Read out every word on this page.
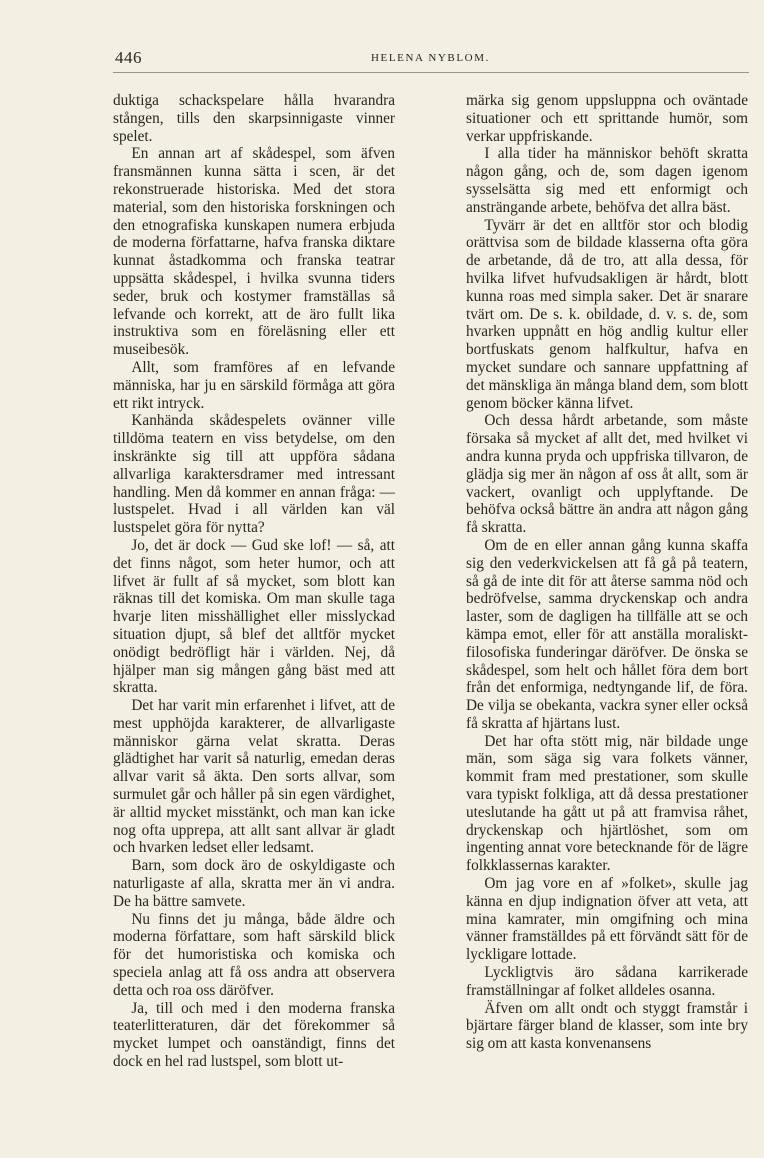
446	HELENA NYBLOM.

duktiga schackspelare hålla hvarandra stången, tills den skarpsinnigaste vinner spelet.

En annan art af skådespel, som äfven fransmännen kunna sätta i scen, är det rekonstruerade historiska. Med det stora material, som den historiska forskningen och den etnografiska kunskapen numera erbjuda de moderna författarne, hafva franska diktare kunnat åstadkomma och franska teatrar uppsätta skådespel, i hvilka svunna tiders seder, bruk och kostymer framställas så lefvande och korrekt, att de äro fullt lika instruktiva som en föreläsning eller ett museibesök.

Allt, som framföres af en lefvande människa, har ju en särskild förmåga att göra ett rikt intryck.

Kanhända skådespelets ovänner ville tilldöma teatern en viss betydelse, om den inskränkte sig till att uppföra sådana allvarliga karaktersdramer med intressant handling. Men då kommer en annan fråga: — lustspelet. Hvad i all världen kan väl lustspelet göra för nytta?

Jo, det är dock — Gud ske lof! — så, att det finns något, som heter humor, och att lifvet är fullt af så mycket, som blott kan räknas till det komiska. Om man skulle taga hvarje liten misshällighet eller misslyckad situation djupt, så blef det alltför mycket onödigt bedröfligt här i världen. Nej, då hjälper man sig mången gång bäst med att skratta.

Det har varit min erfarenhet i lifvet, att de mest upphöjda karakterer, de allvarligaste människor gärna velat skratta. Deras glädtighet har varit så naturlig, emedan deras allvar varit så äkta. Den sorts allvar, som surmulet går och håller på sin egen värdighet, är alltid mycket misstänkt, och man kan icke nog ofta upprepa, att allt sant allvar är gladt och hvarken ledset eller ledsamt.

Barn, som dock äro de oskyldigaste och naturligaste af alla, skratta mer än vi andra. De ha bättre samvete.

Nu finns det ju många, både äldre och moderna författare, som haft särskild blick för det humoristiska och komiska och speciela anlag att få oss andra att observera detta och roa oss däröfver.

Ja, till och med i den moderna franska teaterlitteraturen, där det förekommer så mycket lumpet och oanständigt, finns det dock en hel rad lustspel, som blott ut-

märka sig genom uppsluppna och oväntade situationer och ett sprittande humör, som verkar uppfriskande.

I alla tider ha människor behöft skratta någon gång, och de, som dagen igenom sysselsätta sig med ett enformigt och ansträngande arbete, behöfva det allra bäst.

Tyvärr är det en alltför stor och blodig orättvisa som de bildade klasserna ofta göra de arbetande, då de tro, att alla dessa, för hvilka lifvet hufvudsakligen är hårdt, blott kunna roas med simpla saker. Det är snarare tvärt om. De s. k. obildade, d. v. s. de, som hvarken uppnått en hög andlig kultur eller bortfuskats genom halfkultur, hafva en mycket sundare och sannare uppfattning af det mänskliga än många bland dem, som blott genom böcker känna lifvet.

Och dessa hårdt arbetande, som måste försaka så mycket af allt det, med hvilket vi andra kunna pryda och uppfriska tillvaron, de glädja sig mer än någon af oss åt allt, som är vackert, ovanligt och upplyftande. De behöfva också bättre än andra att någon gång få skratta.

Om de en eller annan gång kunna skaffa sig den vederkvickelsen att få gå på teatern, så gå de inte dit för att återse samma nöd och bedröfvelse, samma dryckenskap och andra laster, som de dagligen ha tillfälle att se och kämpa emot, eller för att anställa moraliskt-filosofiska funderingar däröfver. De önska se skådespel, som helt och hållet föra dem bort från det enformiga, nedtyngande lif, de föra. De vilja se obekanta, vackra syner eller också få skratta af hjärtans lust.

Det har ofta stött mig, när bildade unge män, som säga sig vara folkets vänner, kommit fram med prestationer, som skulle vara typiskt folkliga, att då dessa prestationer uteslutande ha gått ut på att framvisa råhet, dryckenskap och hjärtlöshet, som om ingenting annat vore betecknande för de lägre folkklassernas karakter.

Om jag vore en af »folket», skulle jag känna en djup indignation öfver att veta, att mina kamrater, min omgifning och mina vänner framställdes på ett förvändt sätt för de lyckligare lottade.

Lyckligtvis äro sådana karrikerade framställningar af folket alldeles osanna.

Äfven om allt ondt och styggt framstår i bjärtare färger bland de klasser, som inte bry sig om att kasta konvenansens
